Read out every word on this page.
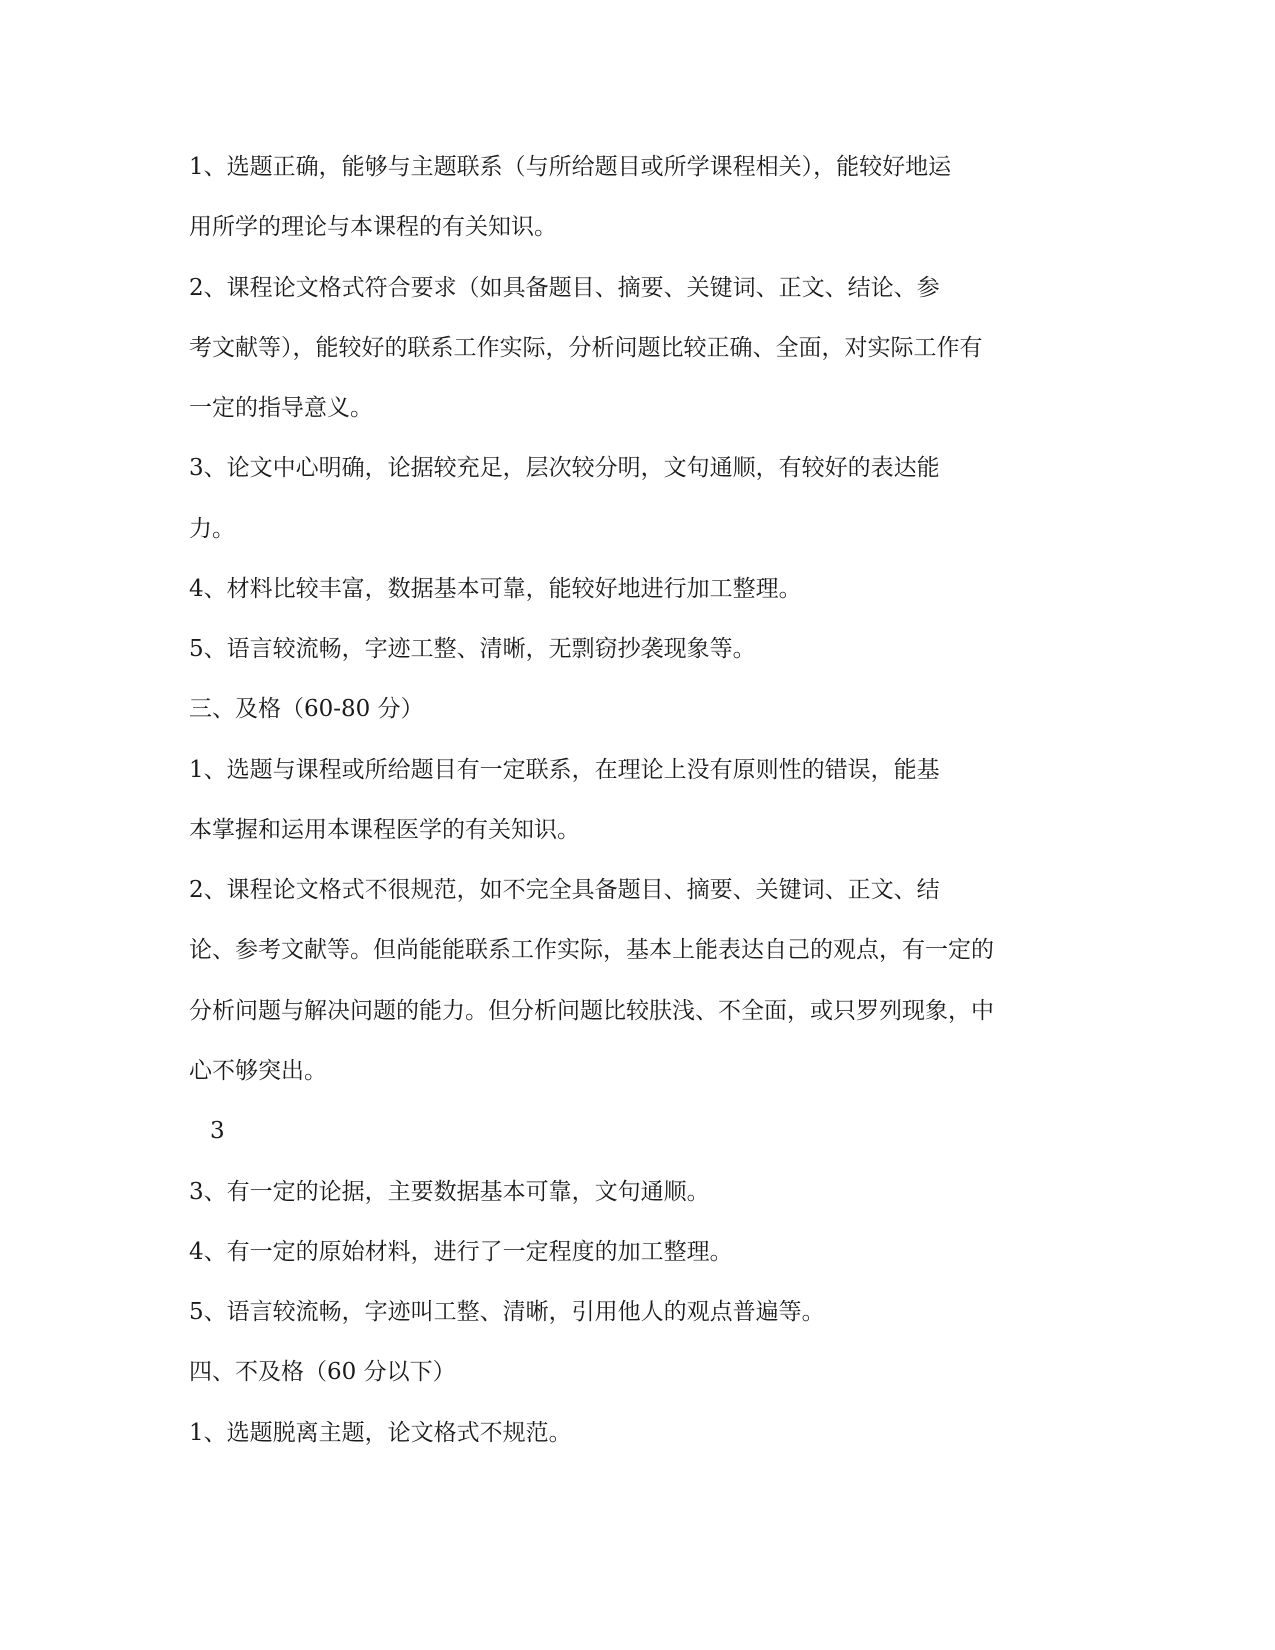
1、选题正确，能够与主题联系（与所给题目或所学课程相关），能较好地运
用所学的理论与本课程的有关知识。
2、课程论文格式符合要求（如具备题目、摘要、关键词、正文、结论、参
考文献等），能较好的联系工作实际，分析问题比较正确、全面，对实际工作有
一定的指导意义。
3、论文中心明确，论据较充足，层次较分明，文句通顺，有较好的表达能
力。
4、材料比较丰富，数据基本可靠，能较好地进行加工整理。
5、语言较流畅，字迹工整、清晰，无剽窃抄袭现象等。
三、及格（60-80 分）
1、选题与课程或所给题目有一定联系，在理论上没有原则性的错误，能基
本掌握和运用本课程医学的有关知识。
2、课程论文格式不很规范，如不完全具备题目、摘要、关键词、正文、结
论、参考文献等。但尚能能联系工作实际，基本上能表达自己的观点，有一定的
分析问题与解决问题的能力。但分析问题比较肤浅、不全面，或只罗列现象，中
心不够突出。
3
3、有一定的论据，主要数据基本可靠，文句通顺。
4、有一定的原始材料，进行了一定程度的加工整理。
5、语言较流畅，字迹叫工整、清晰，引用他人的观点普遍等。
四、不及格（60 分以下）
1、选题脱离主题，论文格式不规范。
